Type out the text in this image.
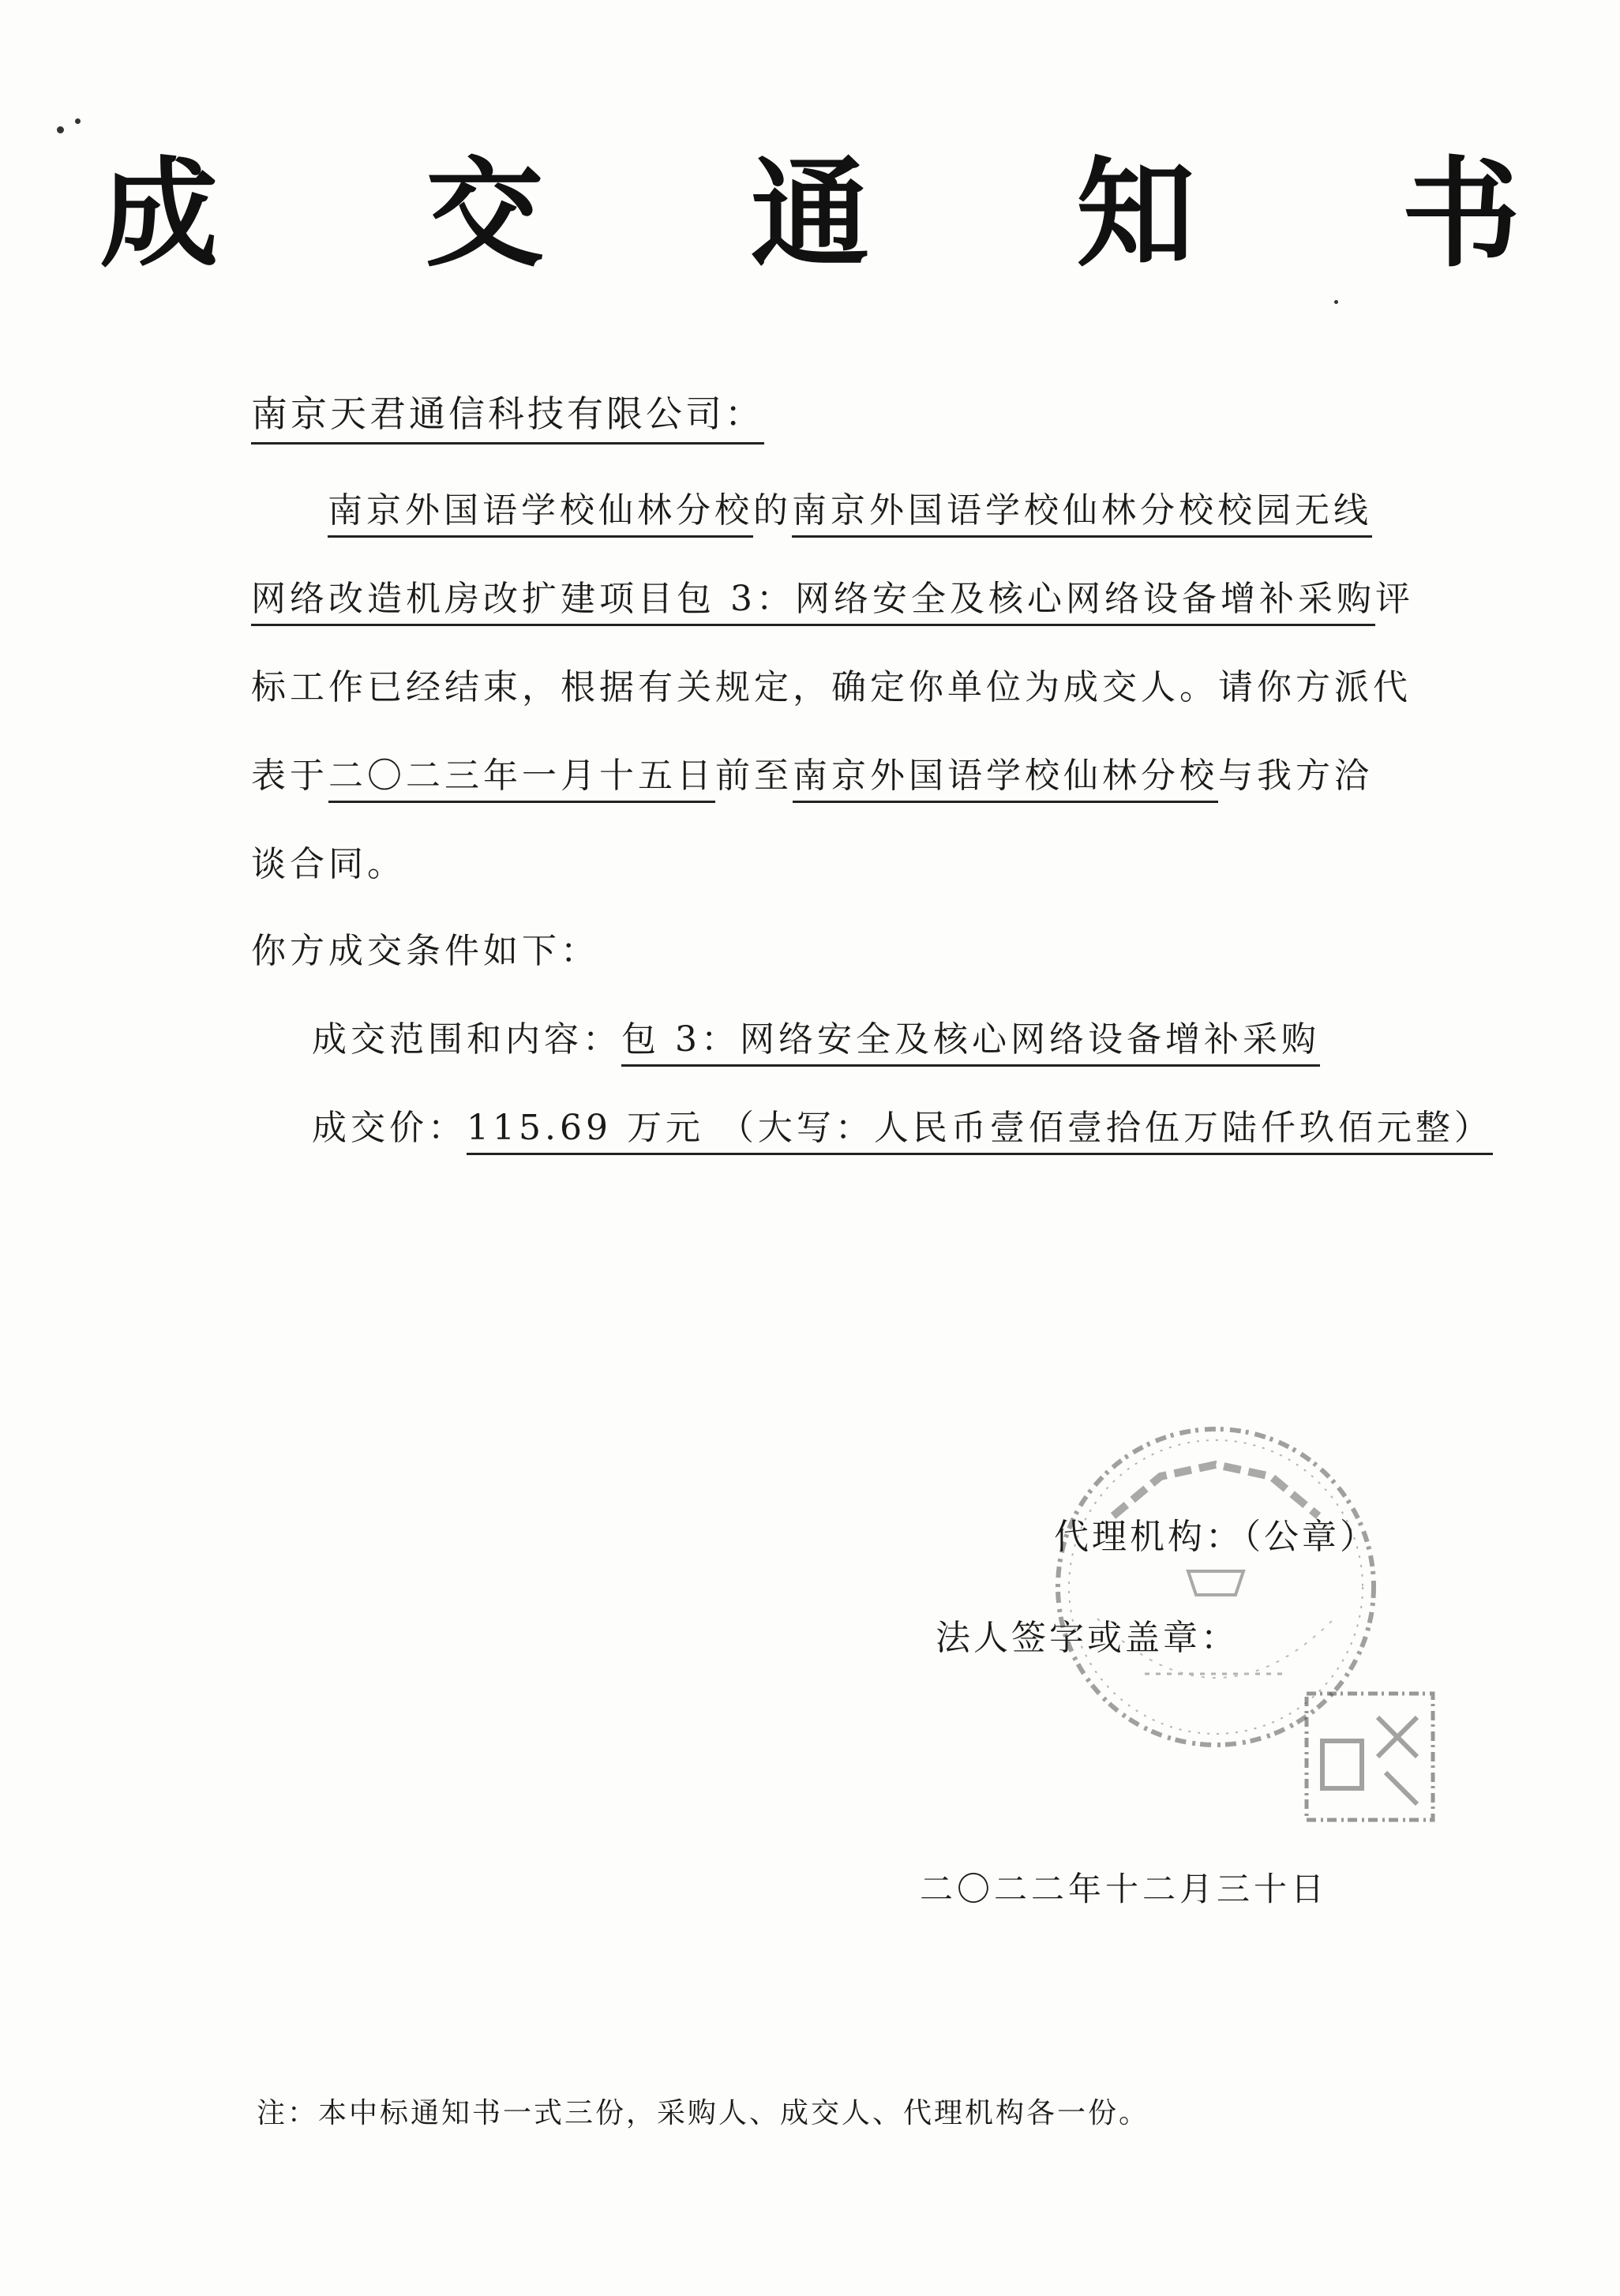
成 交 通 知 书
南京天君通信科技有限公司：
南京外国语学校仙林分校的南京外国语学校仙林分校校园无线
网络改造机房改扩建项目包 3：网络安全及核心网络设备增补采购评
标工作已经结束，根据有关规定，确定你单位为成交人。请你方派代
表于二〇二三年一月十五日前至南京外国语学校仙林分校与我方洽
谈合同。
你方成交条件如下：
成交范围和内容：包 3：网络安全及核心网络设备增补采购
成交价：115.69 万元 （大写：人民币壹佰壹拾伍万陆仟玖佰元整）
代理机构：（公章）
法人签字或盖章：
二〇二二年十二月三十日
注：本中标通知书一式三份，采购人、成交人、代理机构各一份。
